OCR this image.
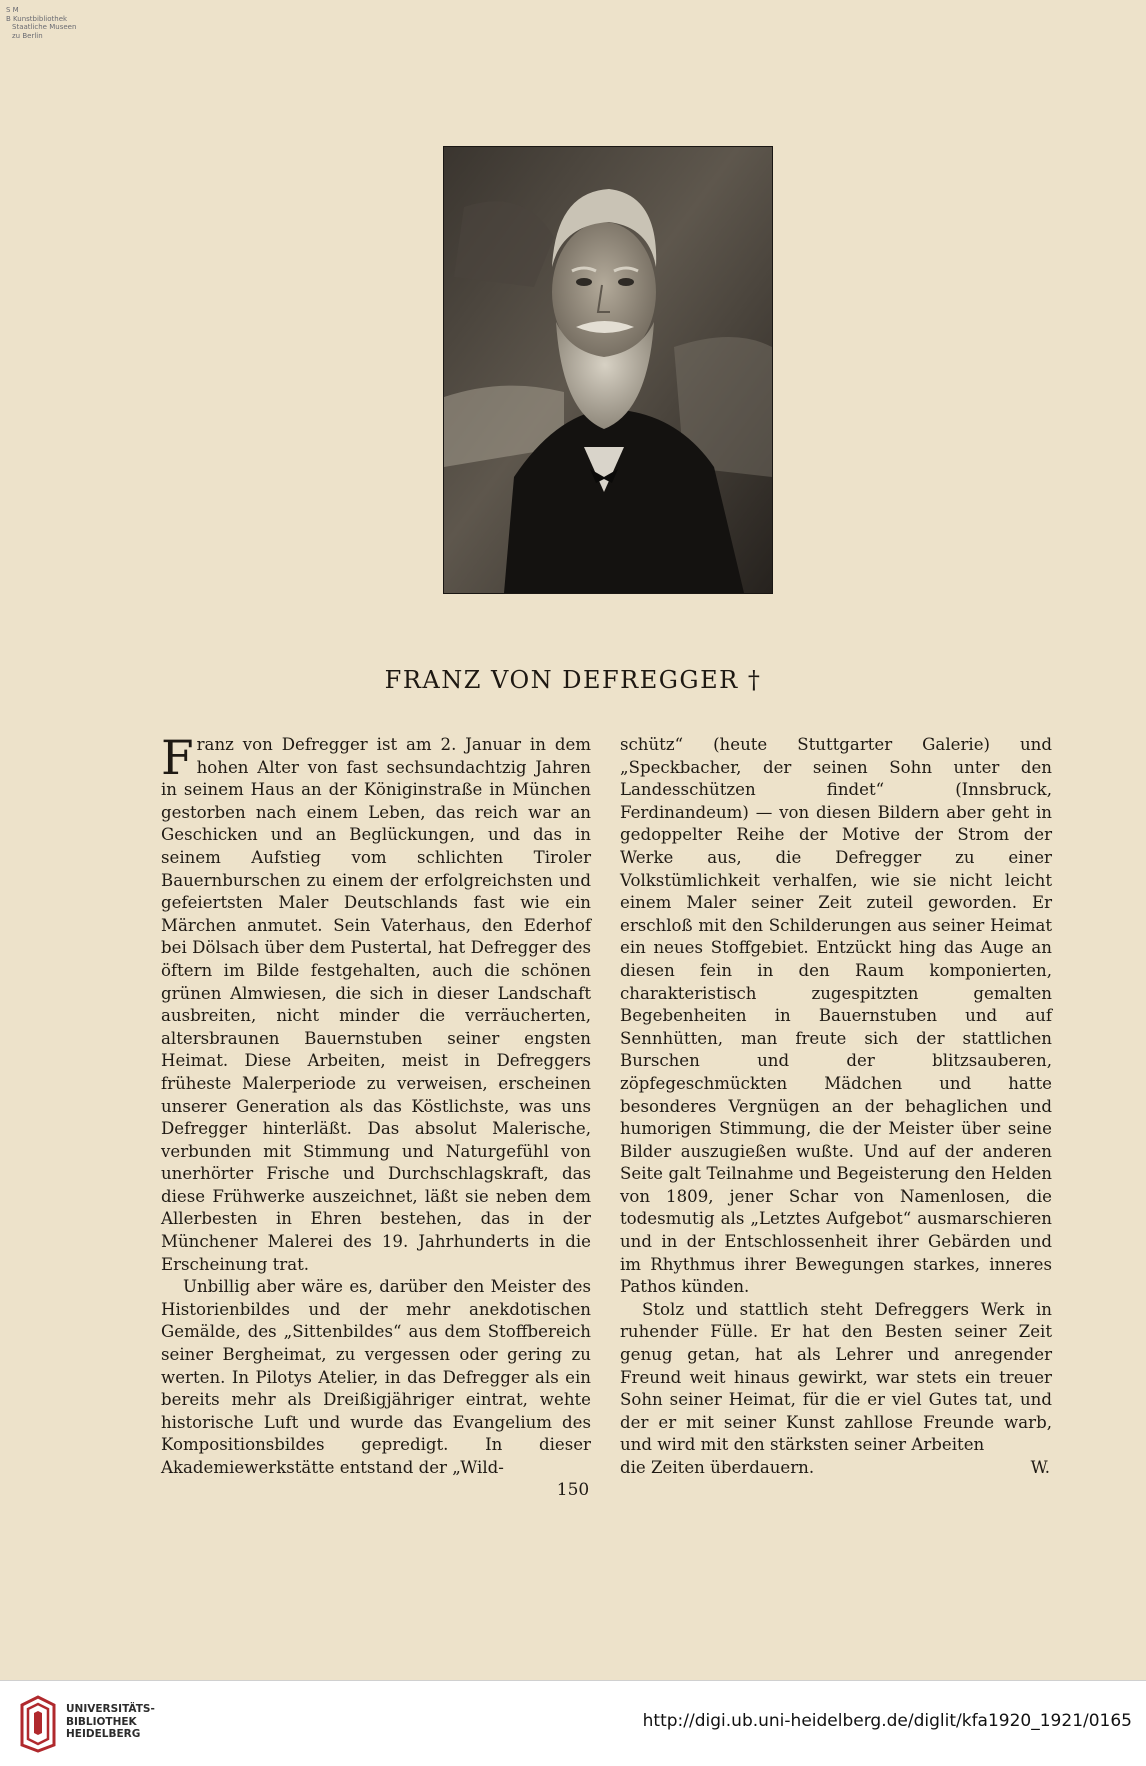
S M
B Kunstbibliothek
Staatliche Museen
zu Berlin
FRANZ VON DEFREGGER †

Franz von Defregger ist am 2. Januar in dem hohen Alter von fast sechsundachtzig Jahren in seinem Haus an der Königinstraße in München gestorben nach einem Leben, das reich war an Geschicken und an Beglückungen, und das in seinem Aufstieg vom schlichten Tiroler Bauernburschen zu einem der erfolgreichsten und gefeiertsten Maler Deutschlands fast wie ein Märchen anmutet. Sein Vaterhaus, den Ederhof bei Dölsach über dem Pustertal, hat Defregger des öftern im Bilde festgehalten, auch die schönen grünen Almwiesen, die sich in dieser Landschaft ausbreiten, nicht minder die verräucherten, altersbraunen Bauernstuben seiner engsten Heimat. Diese Arbeiten, meist in Defreggers früheste Malerperiode zu verweisen, erscheinen unserer Generation als das Köstlichste, was uns Defregger hinterläßt. Das absolut Malerische, verbunden mit Stimmung und Naturgefühl von unerhörter Frische und Durchschlagskraft, das diese Frühwerke auszeichnet, läßt sie neben dem Allerbesten in Ehren bestehen, das in der Münchener Malerei des 19. Jahrhunderts in die Erscheinung trat.

Unbillig aber wäre es, darüber den Meister des Historienbildes und der mehr anekdotischen Gemälde, des „Sittenbildes“ aus dem Stoffbereich seiner Bergheimat, zu vergessen oder gering zu werten. In Pilotys Atelier, in das Defregger als ein bereits mehr als Dreißigjähriger eintrat, wehte historische Luft und wurde das Evangelium des Kompositionsbildes gepredigt. In dieser Akademiewerkstätte entstand der „Wild-

schütz“ (heute Stuttgarter Galerie) und „Speckbacher, der seinen Sohn unter den Landesschützen findet“ (Innsbruck, Ferdinandeum) — von diesen Bildern aber geht in gedoppelter Reihe der Motive der Strom der Werke aus, die Defregger zu einer Volkstümlichkeit verhalfen, wie sie nicht leicht einem Maler seiner Zeit zuteil geworden. Er erschloß mit den Schilderungen aus seiner Heimat ein neues Stoffgebiet. Entzückt hing das Auge an diesen fein in den Raum komponierten, charakteristisch zugespitzten gemalten Begebenheiten in Bauernstuben und auf Sennhütten, man freute sich der stattlichen Burschen und der blitzsauberen, zöpfegeschmückten Mädchen und hatte besonderes Vergnügen an der behaglichen und humorigen Stimmung, die der Meister über seine Bilder auszugießen wußte. Und auf der anderen Seite galt Teilnahme und Begeisterung den Helden von 1809, jener Schar von Namenlosen, die todesmutig als „Letztes Aufgebot“ ausmarschieren und in der Entschlossenheit ihrer Gebärden und im Rhythmus ihrer Bewegungen starkes, inneres Pathos künden.

Stolz und stattlich steht Defreggers Werk in ruhender Fülle. Er hat den Besten seiner Zeit genug getan, hat als Lehrer und anregender Freund weit hinaus gewirkt, war stets ein treuer Sohn seiner Heimat, für die er viel Gutes tat, und der er mit seiner Kunst zahllose Freunde warb, und wird mit den stärksten seiner Arbeiten

die Zeiten überdauern.	W.
150
UNIVERSITÄTS-
BIBLIOTHEK
HEIDELBERG
http://digi.ub.uni-heidelberg.de/diglit/kfa1920_1921/0165
